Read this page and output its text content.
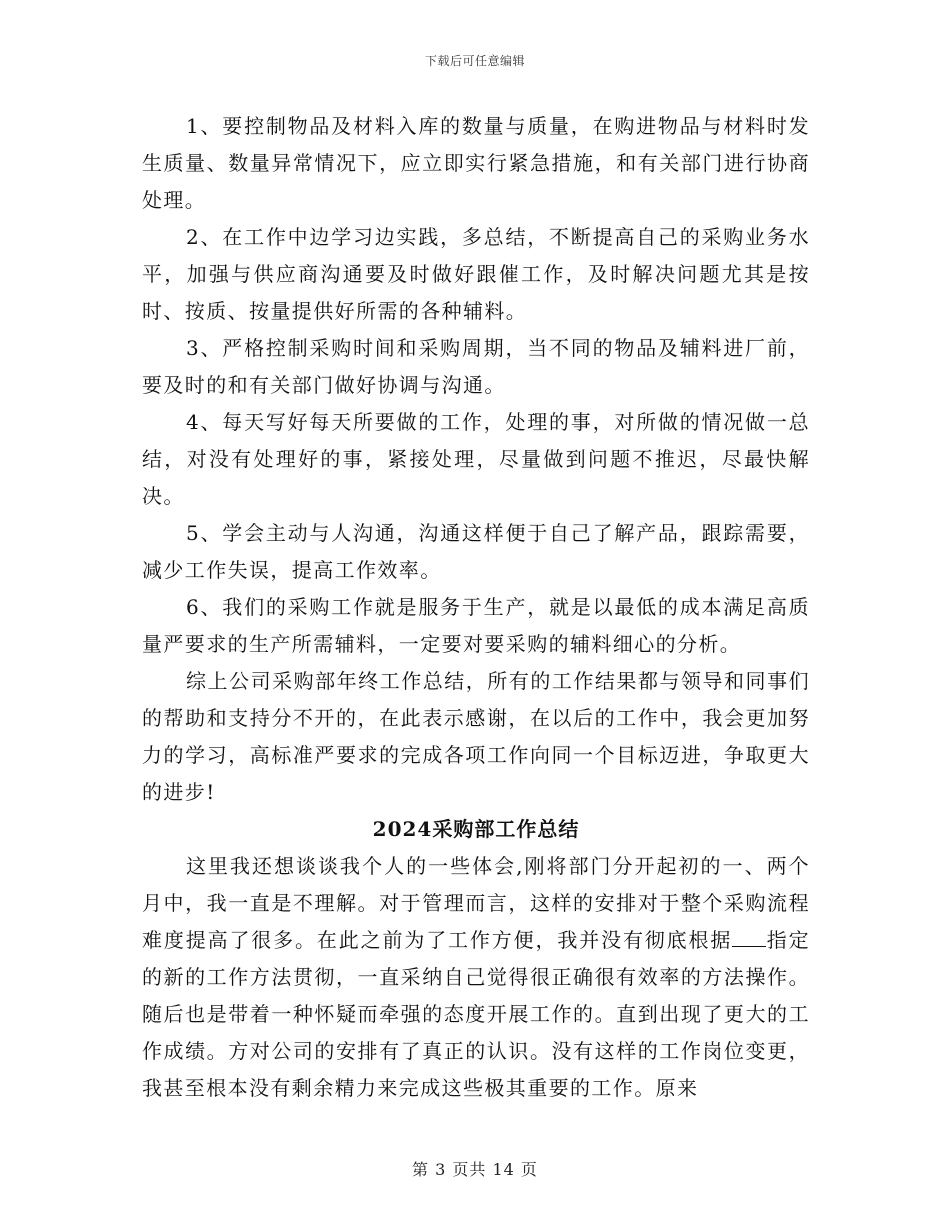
下载后可任意编辑

1、要控制物品及材料入库的数量与质量，在购进物品与材料时发生质量、数量异常情况下，应立即实行紧急措施，和有关部门进行协商处理。

2、在工作中边学习边实践，多总结，不断提高自己的采购业务水平，加强与供应商沟通要及时做好跟催工作，及时解决问题尤其是按时、按质、按量提供好所需的各种辅料。

3、严格控制采购时间和采购周期，当不同的物品及辅料进厂前，要及时的和有关部门做好协调与沟通。

4、每天写好每天所要做的工作，处理的事，对所做的情况做一总结，对没有处理好的事，紧接处理，尽量做到问题不推迟，尽最快解决。

5、学会主动与人沟通，沟通这样便于自己了解产品，跟踪需要，减少工作失误，提高工作效率。

6、我们的采购工作就是服务于生产，就是以最低的成本满足高质量严要求的生产所需辅料，一定要对要采购的辅料细心的分析。

综上公司采购部年终工作总结，所有的工作结果都与领导和同事们的帮助和支持分不开的，在此表示感谢，在以后的工作中，我会更加努力的学习，高标准严要求的完成各项工作向同一个目标迈进，争取更大的进步!

2024采购部工作总结

这里我还想谈谈我个人的一些体会,刚将部门分开起初的一、两个月中，我一直是不理解。对于管理而言，这样的安排对于整个采购流程难度提高了很多。在此之前为了工作方便，我并没有彻底根据 指定的新的工作方法贯彻，一直采纳自己觉得很正确很有效率的方法操作。随后也是带着一种怀疑而牵强的态度开展工作的。直到出现了更大的工作成绩。方对公司的安排有了真正的认识。没有这样的工作岗位变更，我甚至根本没有剩余精力来完成这些极其重要的工作。原来

第 3 页共 14 页
